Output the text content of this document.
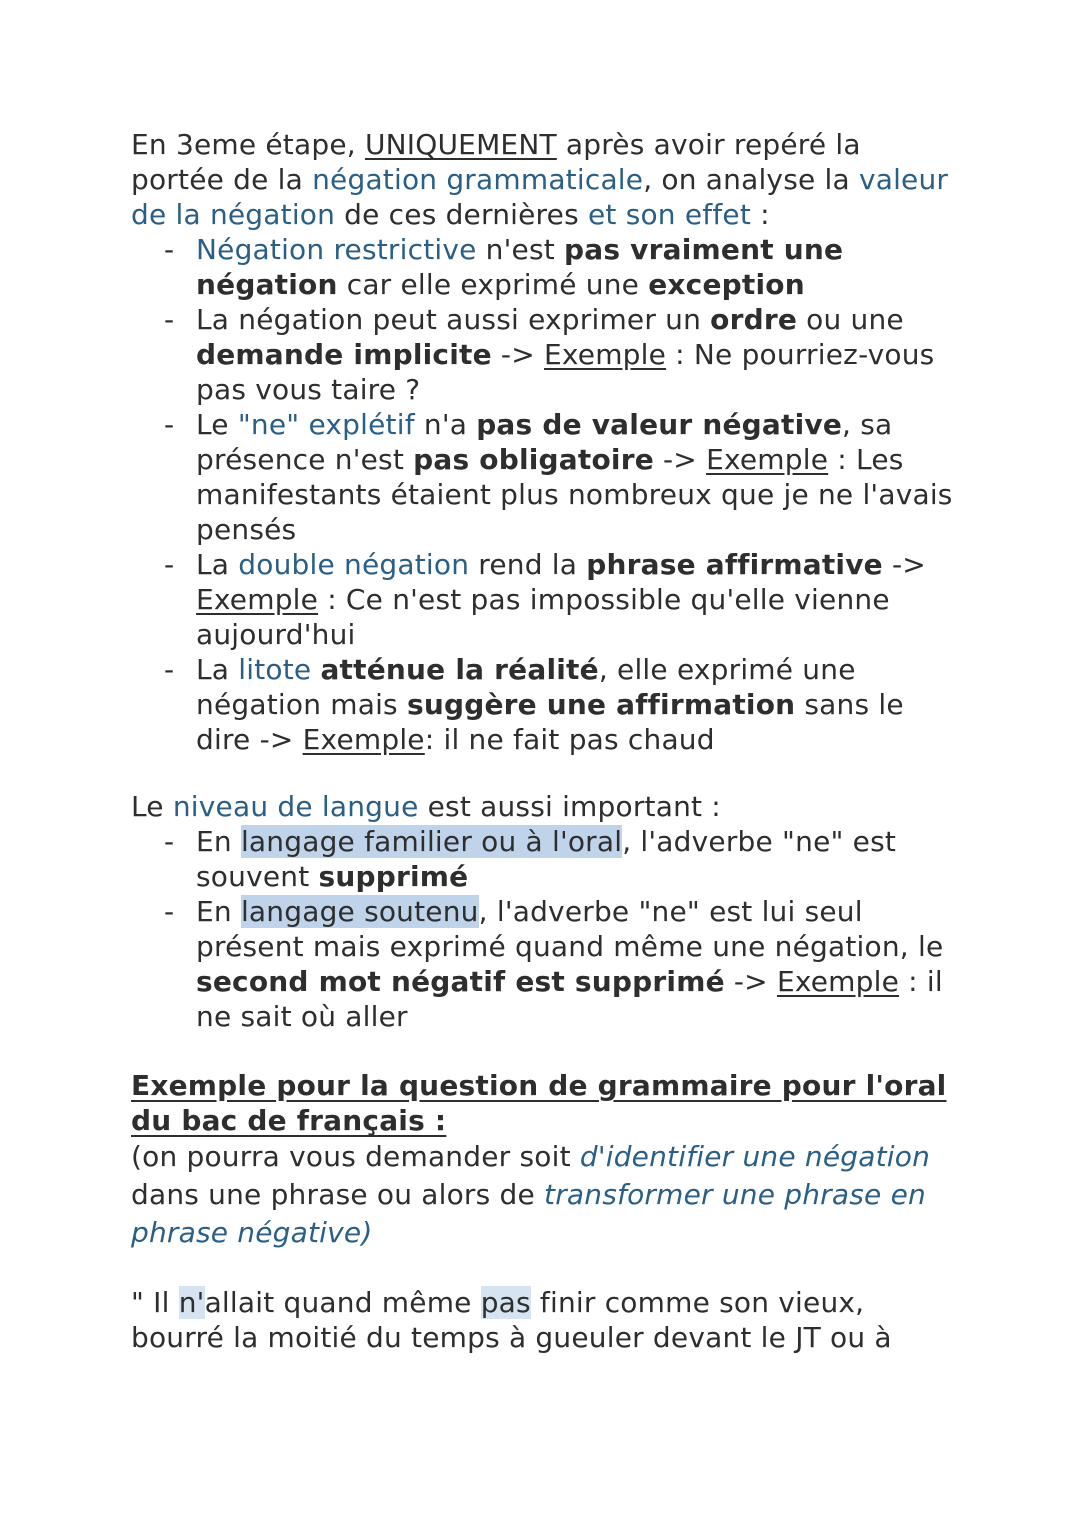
En 3eme étape, UNIQUEMENT après avoir repéré la portée de la négation grammaticale, on analyse la valeur de la négation de ces dernières et son effet :

- Négation restrictive n'est pas vraiment une négation car elle exprimé une exception
- La négation peut aussi exprimer un ordre ou une demande implicite -> Exemple : Ne pourriez-vous pas vous taire ?
- Le "ne" explétif n'a pas de valeur négative, sa présence n'est pas obligatoire -> Exemple : Les manifestants étaient plus nombreux que je ne l'avais pensés
- La double négation rend la phrase affirmative -> Exemple : Ce n'est pas impossible qu'elle vienne aujourd'hui
- La litote atténue la réalité, elle exprimé une négation mais suggère une affirmation sans le dire -> Exemple: il ne fait pas chaud

Le niveau de langue est aussi important :

- En langage familier ou à l'oral, l'adverbe "ne" est souvent supprimé
- En langage soutenu, l'adverbe "ne" est lui seul présent mais exprimé quand même une négation, le second mot négatif est supprimé -> Exemple : il ne sait où aller

Exemple pour la question de grammaire pour l'oral du bac de français :

(on pourra vous demander soit d'identifier une négation dans une phrase ou alors de transformer une phrase en phrase négative)

" Il n'allait quand même pas finir comme son vieux, bourré la moitié du temps à gueuler devant le JT ou à
